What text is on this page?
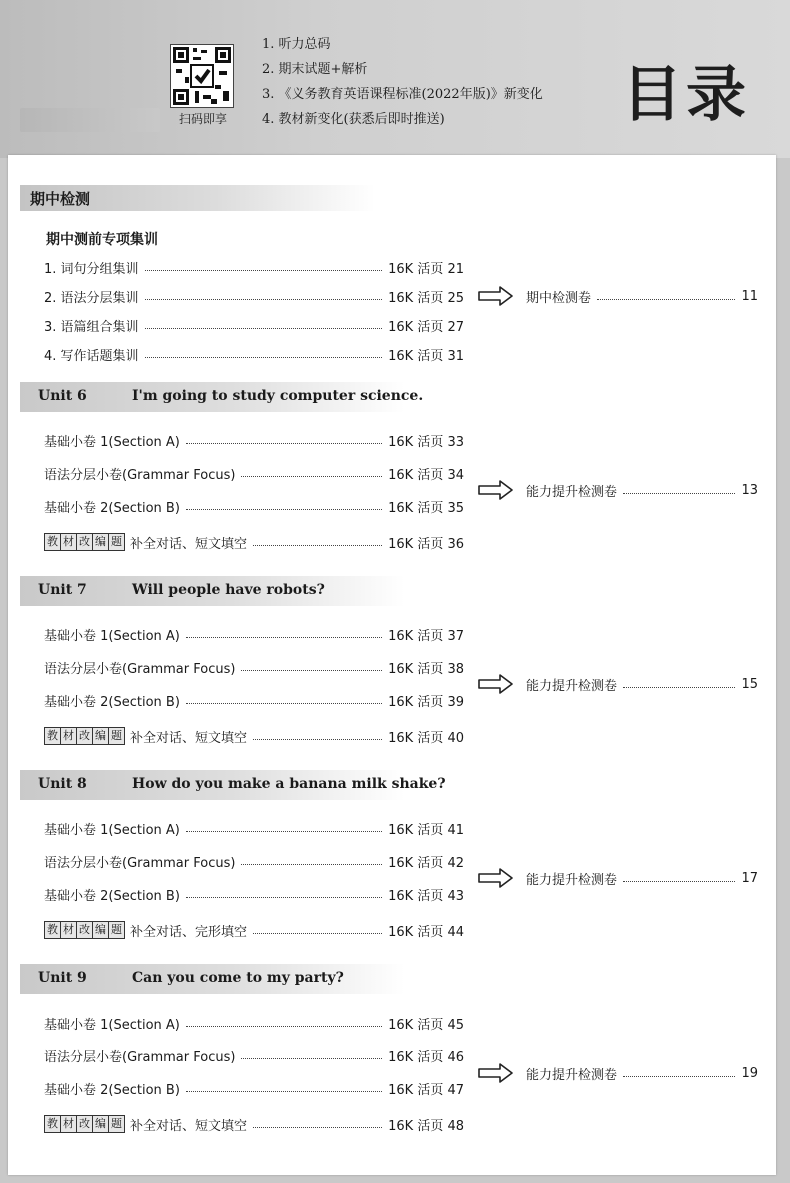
扫码即享
1. 听力总码
2. 期末试题+解析
3. 《义务教育英语课程标准(2022年版)》新变化
4. 教材新变化(获悉后即时推送)	目录
期中检测
期中测前专项集训
1. 词句分组集训	16K 活页 21
2. 语法分层集训	16K 活页 25
3. 语篇组合集训	16K 活页 27
4. 写作话题集训	16K 活页 31
期中检测卷	11
Unit 6	I'm going to study computer science.
基础小卷 1(Section A)	16K 活页 33
语法分层小卷(Grammar Focus)	16K 活页 34
基础小卷 2(Section B)	16K 活页 35
教 材 改 编 题 补全对话、短文填空	16K 活页 36
能力提升检测卷	13
Unit 7	Will people have robots?
基础小卷 1(Section A)	16K 活页 37
语法分层小卷(Grammar Focus)	16K 活页 38
基础小卷 2(Section B)	16K 活页 39
教 材 改 编 题 补全对话、短文填空	16K 活页 40
能力提升检测卷	15
Unit 8	How do you make a banana milk shake?
基础小卷 1(Section A)	16K 活页 41
语法分层小卷(Grammar Focus)	16K 活页 42
基础小卷 2(Section B)	16K 活页 43
教 材 改 编 题 补全对话、完形填空	16K 活页 44
能力提升检测卷	17
Unit 9	Can you come to my party?
基础小卷 1(Section A)	16K 活页 45
语法分层小卷(Grammar Focus)	16K 活页 46
基础小卷 2(Section B)	16K 活页 47
教 材 改 编 题 补全对话、短文填空	16K 活页 48
能力提升检测卷	19
